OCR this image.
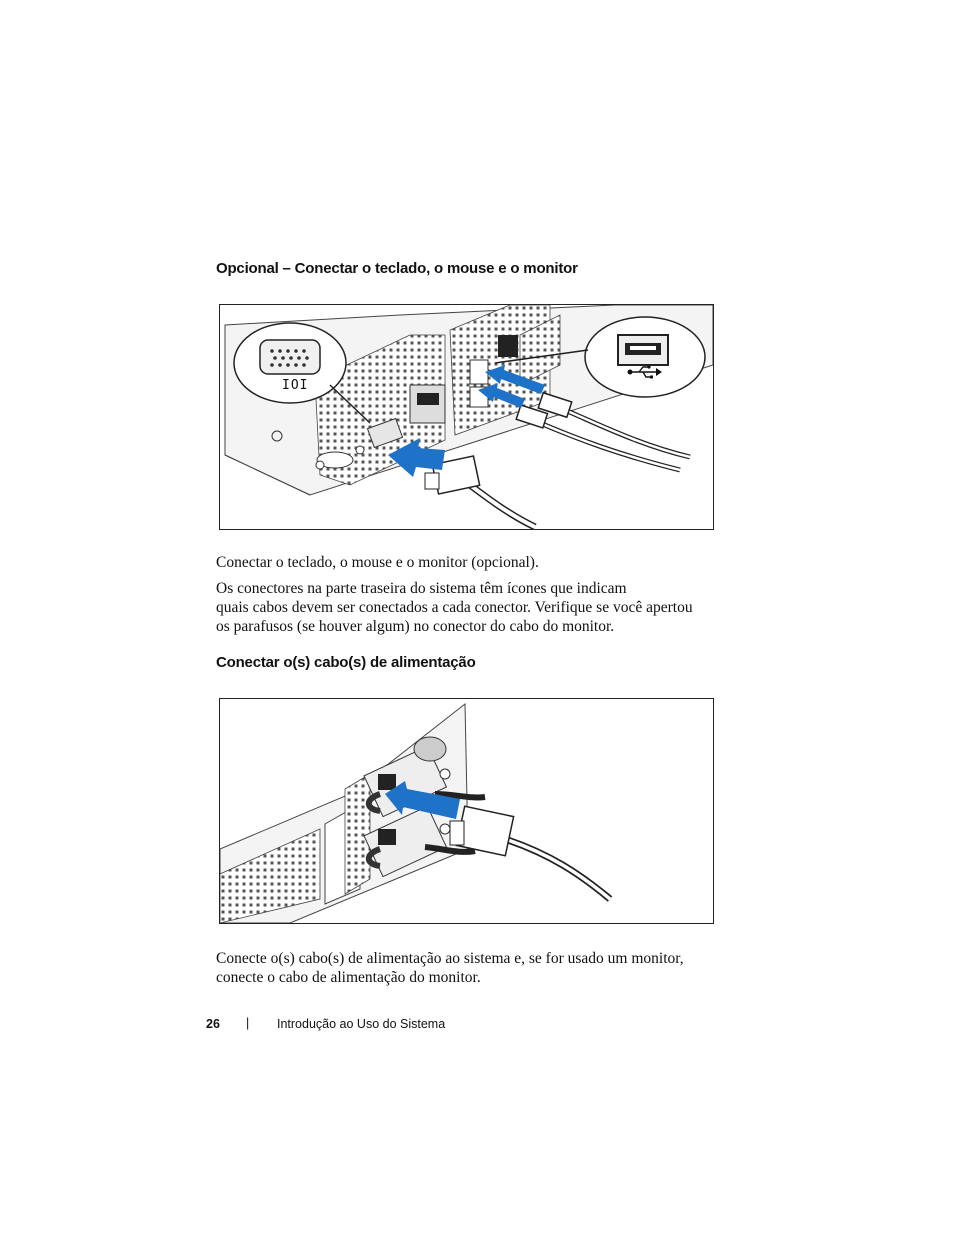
Opcional – Conectar o teclado, o mouse e o monitor
IOI
Conectar o teclado, o mouse e o monitor (opcional).
Os conectores na parte traseira do sistema têm ícones que indicam
quais cabos devem ser conectados a cada conector. Verifique se você apertou
os parafusos (se houver algum) no conector do cabo do monitor.
Conectar o(s) cabo(s) de alimentação
Conecte o(s) cabo(s) de alimentação ao sistema e, se for usado um monitor,
conecte o cabo de alimentação do monitor.
26 | Introdução ao Uso do Sistema
